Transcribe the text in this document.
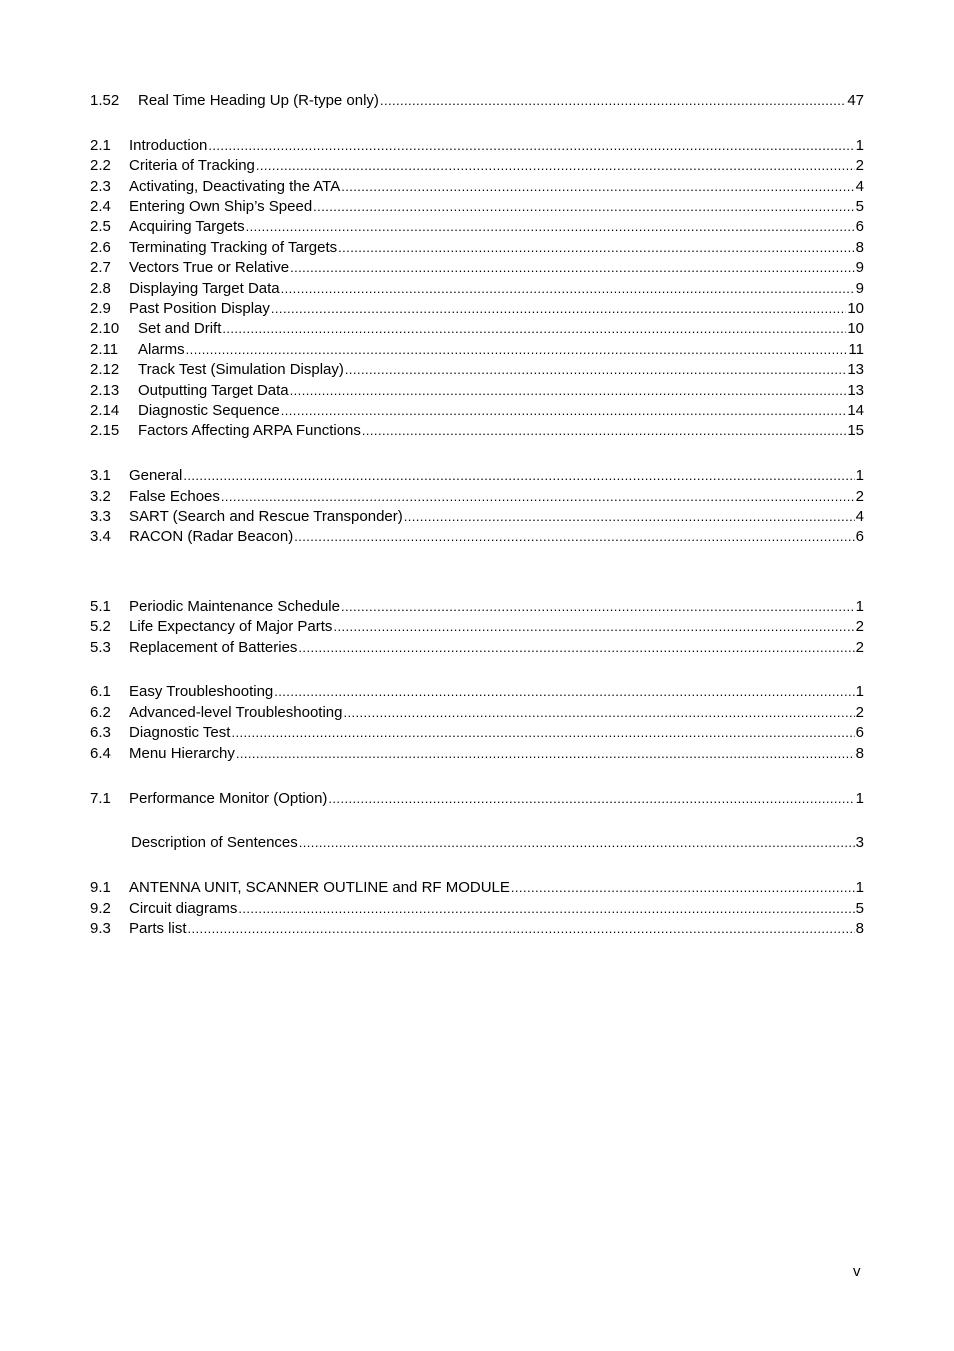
1.52	Real Time Heading Up (R-type only) .....	47
2.1	Introduction .....	1
2.2	Criteria of Tracking .....	2
2.3	Activating, Deactivating the ATA .....	4
2.4	Entering Own Ship’s Speed .....	5
2.5	Acquiring Targets .....	6
2.6	Terminating Tracking of Targets .....	8
2.7	Vectors True or Relative .....	9
2.8	Displaying Target Data .....	9
2.9	Past Position Display .....	10
2.10	Set and Drift .....	10
2.11	Alarms .....	11
2.12	Track Test (Simulation Display) .....	13
2.13	Outputting Target Data .....	13
2.14	Diagnostic Sequence .....	14
2.15	Factors Affecting ARPA Functions .....	15
3.1	General .....	1
3.2	False Echoes .....	2
3.3	SART (Search and Rescue Transponder) .....	4
3.4	RACON (Radar Beacon) .....	6
5.1	Periodic Maintenance Schedule .....	1
5.2	Life Expectancy of Major Parts .....	2
5.3	Replacement of Batteries .....	2
6.1	Easy Troubleshooting .....	1
6.2	Advanced-level Troubleshooting .....	2
6.3	Diagnostic Test .....	6
6.4	Menu Hierarchy .....	8
7.1	Performance Monitor (Option) .....	1
Description of Sentences .....	3
9.1	ANTENNA UNIT, SCANNER OUTLINE and RF MODULE .....	1
9.2	Circuit diagrams .....	5
9.3	Parts list .....	8
v
